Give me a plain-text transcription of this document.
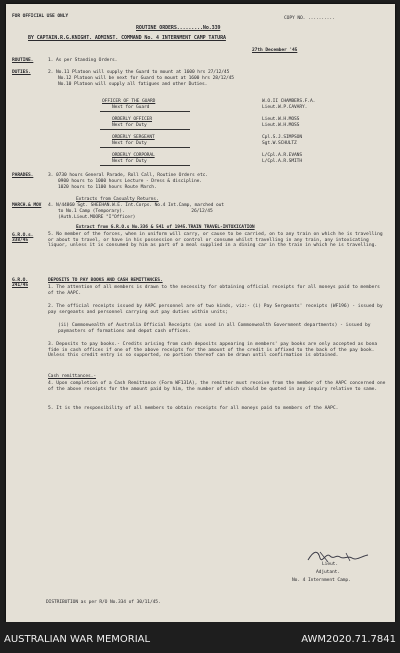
FOR OFFICIAL USE ONLY	COPY NO. ..........
ROUTINE ORDERS.........No.339
BY CAPTAIN.R.G.KNIGHT. ADMINST. COMMAND No. 4 INTERNMENT CAMP TATURA
27th December '45
ROUTINE.	1. As per Standing Orders.
DUTIES.	2. No.11 Platoon will supply the Guard to mount at 1600 hrs 27/12/45
No.12 Platoon will be next for Guard to mount at 1600 hrs 28/12/45
No.10 Platoon will supply all fatigues and other Duties.
OFFICER OF THE GUARD	W.O.II CHAMBERS.F.A.
Next for Guard	Lieut.W.P.CAVARY.
ORDERLY OFFICER	Lieut.W.H.MOSS
Next for Duty	Lieut.W.H.MOSS
ORDERLY SERGEANT	Cpl.S.J.SIMPSON
Next for Duty	Sgt.W.SCHULTZ
ORDERLY CORPORAL	L/Cpl.A.R.EVANS
Next for Duty	L/Cpl.A.R.SMITH
PARADES.	3. 0730 hours General Parade, Roll Call, Routine Orders etc.
0900 hours to 1000 hours Lecture - Dress & discipline.
1020 hours to 1100 hours Route March.
Extracts from Casualty Returns.
MARCH.& MOV 4. N/44860 Sgt. SHEEHAN.W.E. Int.Corps. No.4 Int.Camp, marched out
to No.1 Camp (Temporary).                         26/12/45
(Auth.Lieut.MOORE "I"Officer)
Extract from G.R.O.s No.336 & 541 of 1945.TRAIN TRAVEL-INTOXICATION
G.R.O.s. 338/45
5. No member of the forces, when in uniform will carry, or cause to be carried, on to any train on which he is travelling or about to travel, or have in his possession or control or consume whilst travelling in any train, any intoxicating liquor, unless it is consumed by him as part of a meal supplied in a dining car in the train in which he is travelling.
G.R.O. 241/45
DEPOSITS TO PAY BOOKS AND CASH REMITTANCES.
1. The attention of all members is drawn to the necessity for obtaining official receipts for all moneys paid to members of the AAPC.
2. The official receipts issued by AAPC personnel are of two kinds, viz:- (i) Pay Sergeants' receipts (WF196) - issued by pay sergeants and personnel carrying out pay duties within units;
(ii) Commonwealth of Australia Official Receipts (as used in all Commonwealth Government departments) - issued by paymasters of formations and depot cash offices.
3. Deposits to pay books.- Credits arising from cash deposits appearing in members' pay books are only accepted as bona fide in cash offices if one of the above receipts for the amount of the credit is affixed to the back of the pay book. Unless this credit entry is so supported, no portion thereof can be drawn until confirmation is obtained.
Cash remittances.-
4. Upon completion of a Cash Remittance (Form WF131A), the remitter must receive from the member of the AAPC concerned one of the above receipts for the amount paid by him, the number of which should be quoted in any inquiry relative to same.
5. It is the responsibility of all members to obtain receipts for all moneys paid to members of the AAPC.
Lieut.
Adjutant.
No. 4 Internment Camp.
DISTRIBUTION as per R/O No.334 of 30/11/45.
AUSTRALIAN WAR MEMORIAL	AWM2020.71.7841
